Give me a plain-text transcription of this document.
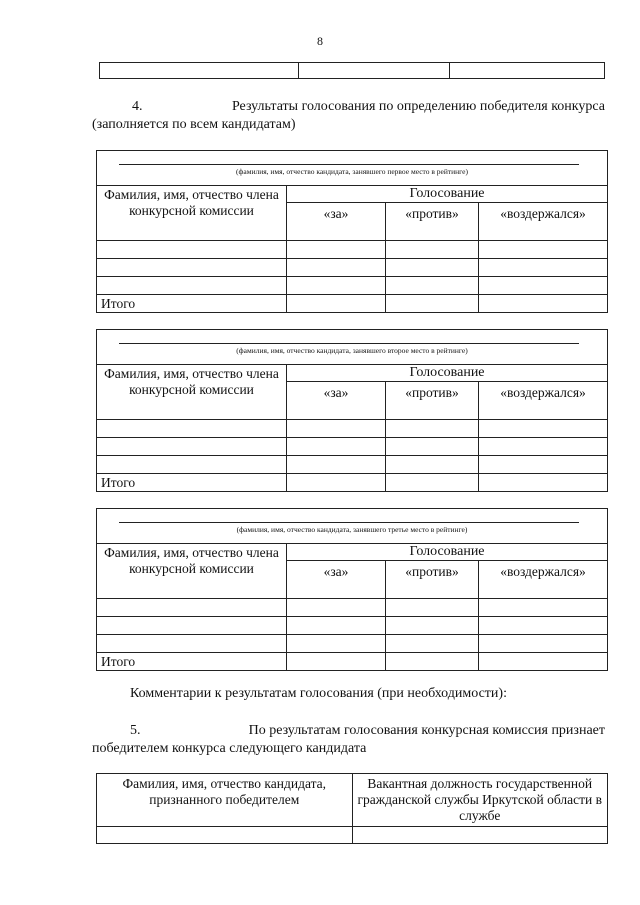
8

4.	Результаты голосования по определению победителя конкурса
(заполняется по всем кандидатам)
(фамилия, имя, отчество кандидата, занявшего первое место в рейтинге)			

Фамилия, имя, отчество члена конкурсной комиссии	Голосование		
	«за»	«против»	«воздержался»

Итого			
(фамилия, имя, отчество кандидата, занявшего второе место в рейтинге)			

Фамилия, имя, отчество члена конкурсной комиссии	Голосование		
	«за»	«против»	«воздержался»

Итого			
(фамилия, имя, отчество кандидата, занявшего третье место в рейтинге)			

Фамилия, имя, отчество члена конкурсной комиссии	Голосование		
	«за»	«против»	«воздержался»

Итого			
Комментарии к результатам голосования (при необходимости):
5.	По результатам голосования конкурсная комиссия признает
победителем конкурса следующего кандидата
Фамилия, имя, отчество кандидата, признанного победителем	Вакантная должность государственной гражданской службы Иркутской области в службе
